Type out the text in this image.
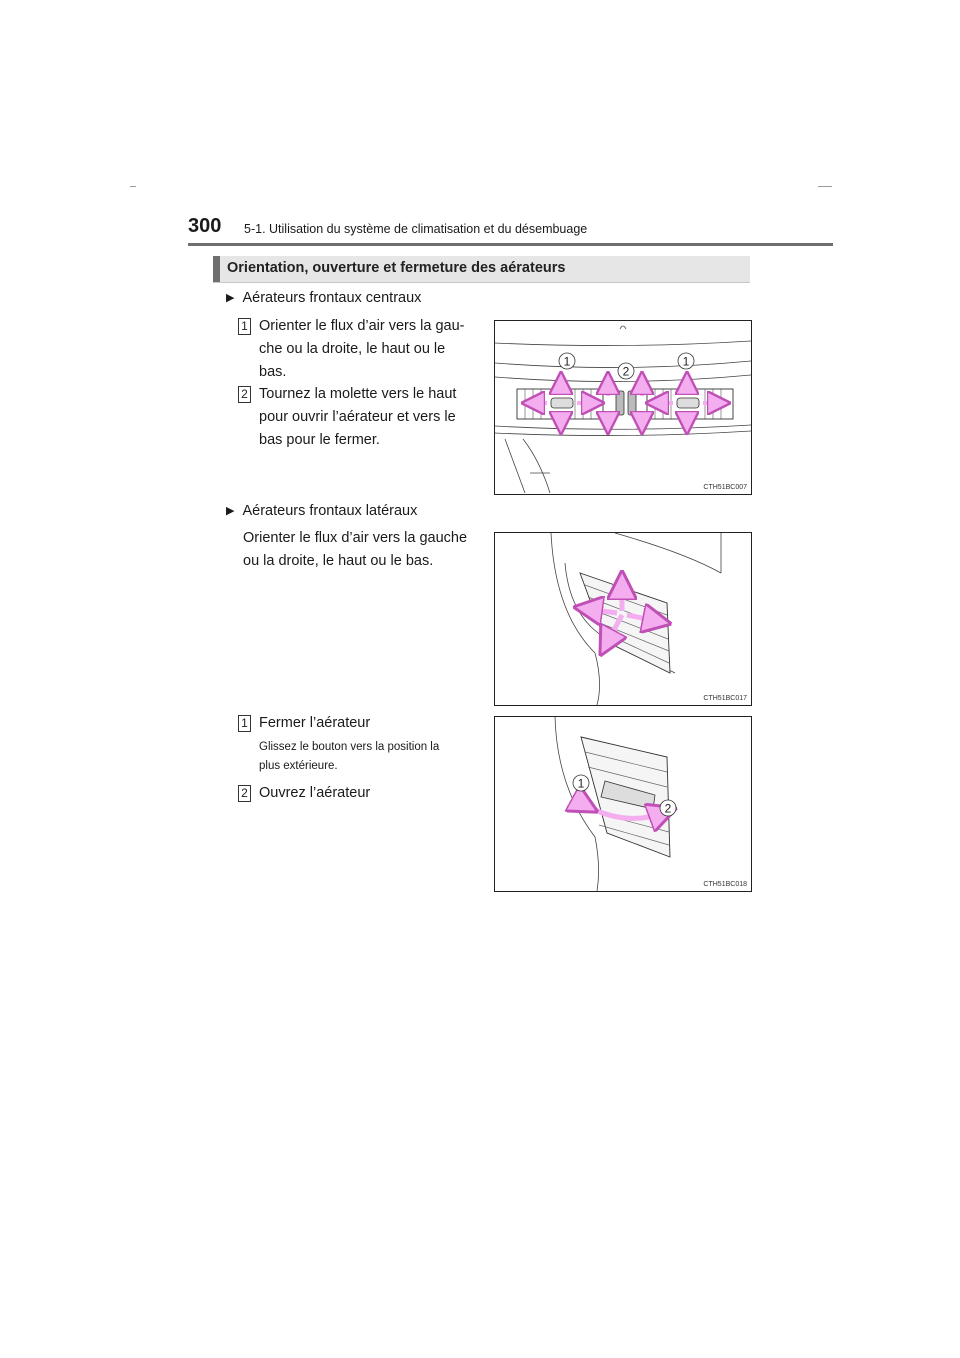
300 5-1. Utilisation du système de climatisation et du désembuage
Orientation, ouverture et fermeture des aérateurs
▶ Aérateurs frontaux centraux
1 Orienter le flux d’air vers la gau-
che ou la droite, le haut ou le
bas.
2 Tournez la molette vers le haut
pour ouvrir l’aérateur et vers le
bas pour le fermer.
1
2
1
CTH51BC007
▶ Aérateurs frontaux latéraux
Orienter le flux d’air vers la gauche
ou la droite, le haut ou le bas.
CTH51BC017
1 Fermer l’aérateur
Glissez le bouton vers la position la
plus extérieure.
2 Ouvrez l’aérateur
1
2
CTH51BC018
